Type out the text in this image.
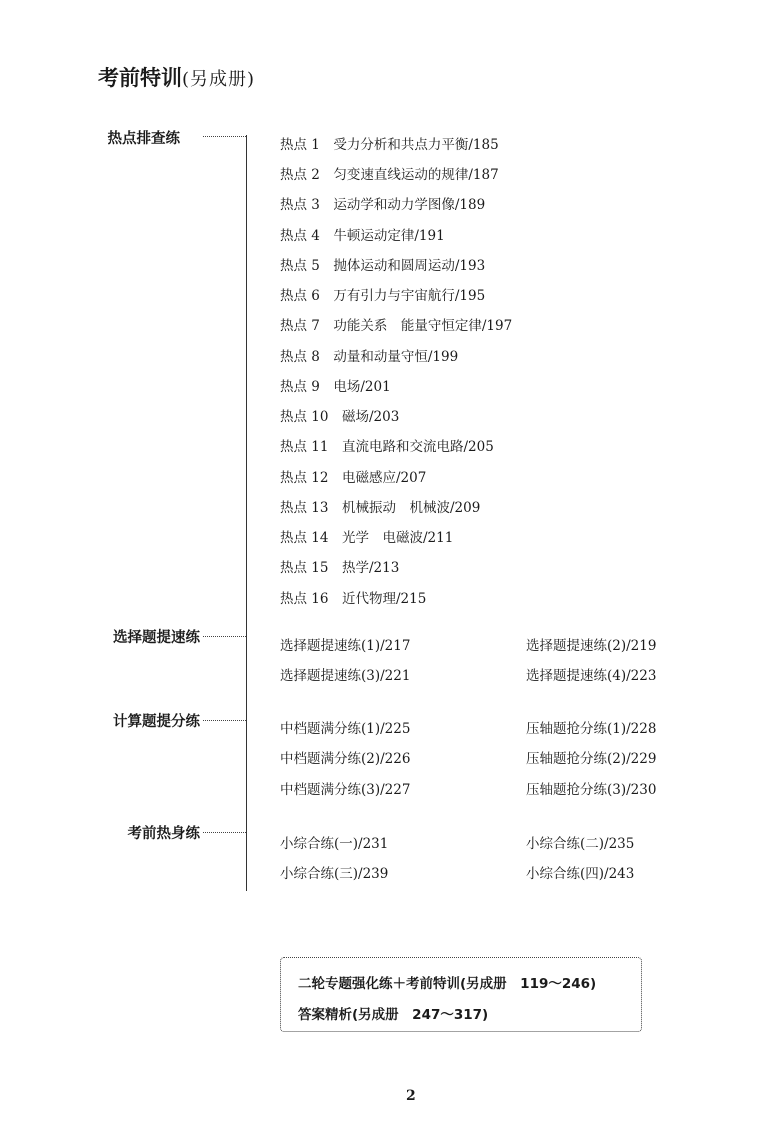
考前特训(另成册)
热点排查练
选择题提速练
计算题提分练
考前热身练
热点 1　受力分析和共点力平衡/185
热点 2　匀变速直线运动的规律/187
热点 3　运动学和动力学图像/189
热点 4　牛顿运动定律/191
热点 5　抛体运动和圆周运动/193
热点 6　万有引力与宇宙航行/195
热点 7　功能关系　能量守恒定律/197
热点 8　动量和动量守恒/199
热点 9　电场/201
热点 10　磁场/203
热点 11　直流电路和交流电路/205
热点 12　电磁感应/207
热点 13　机械振动　机械波/209
热点 14　光学　电磁波/211
热点 15　热学/213
热点 16　近代物理/215
选择题提速练(1)/217
选择题提速练(3)/221
选择题提速练(2)/219
选择题提速练(4)/223
中档题满分练(1)/225
中档题满分练(2)/226
中档题满分练(3)/227
压轴题抢分练(1)/228
压轴题抢分练(2)/229
压轴题抢分练(3)/230
小综合练(一)/231
小综合练(三)/239
小综合练(二)/235
小综合练(四)/243
二轮专题强化练＋考前特训(另成册　119～246)
答案精析(另成册　247～317)
2
